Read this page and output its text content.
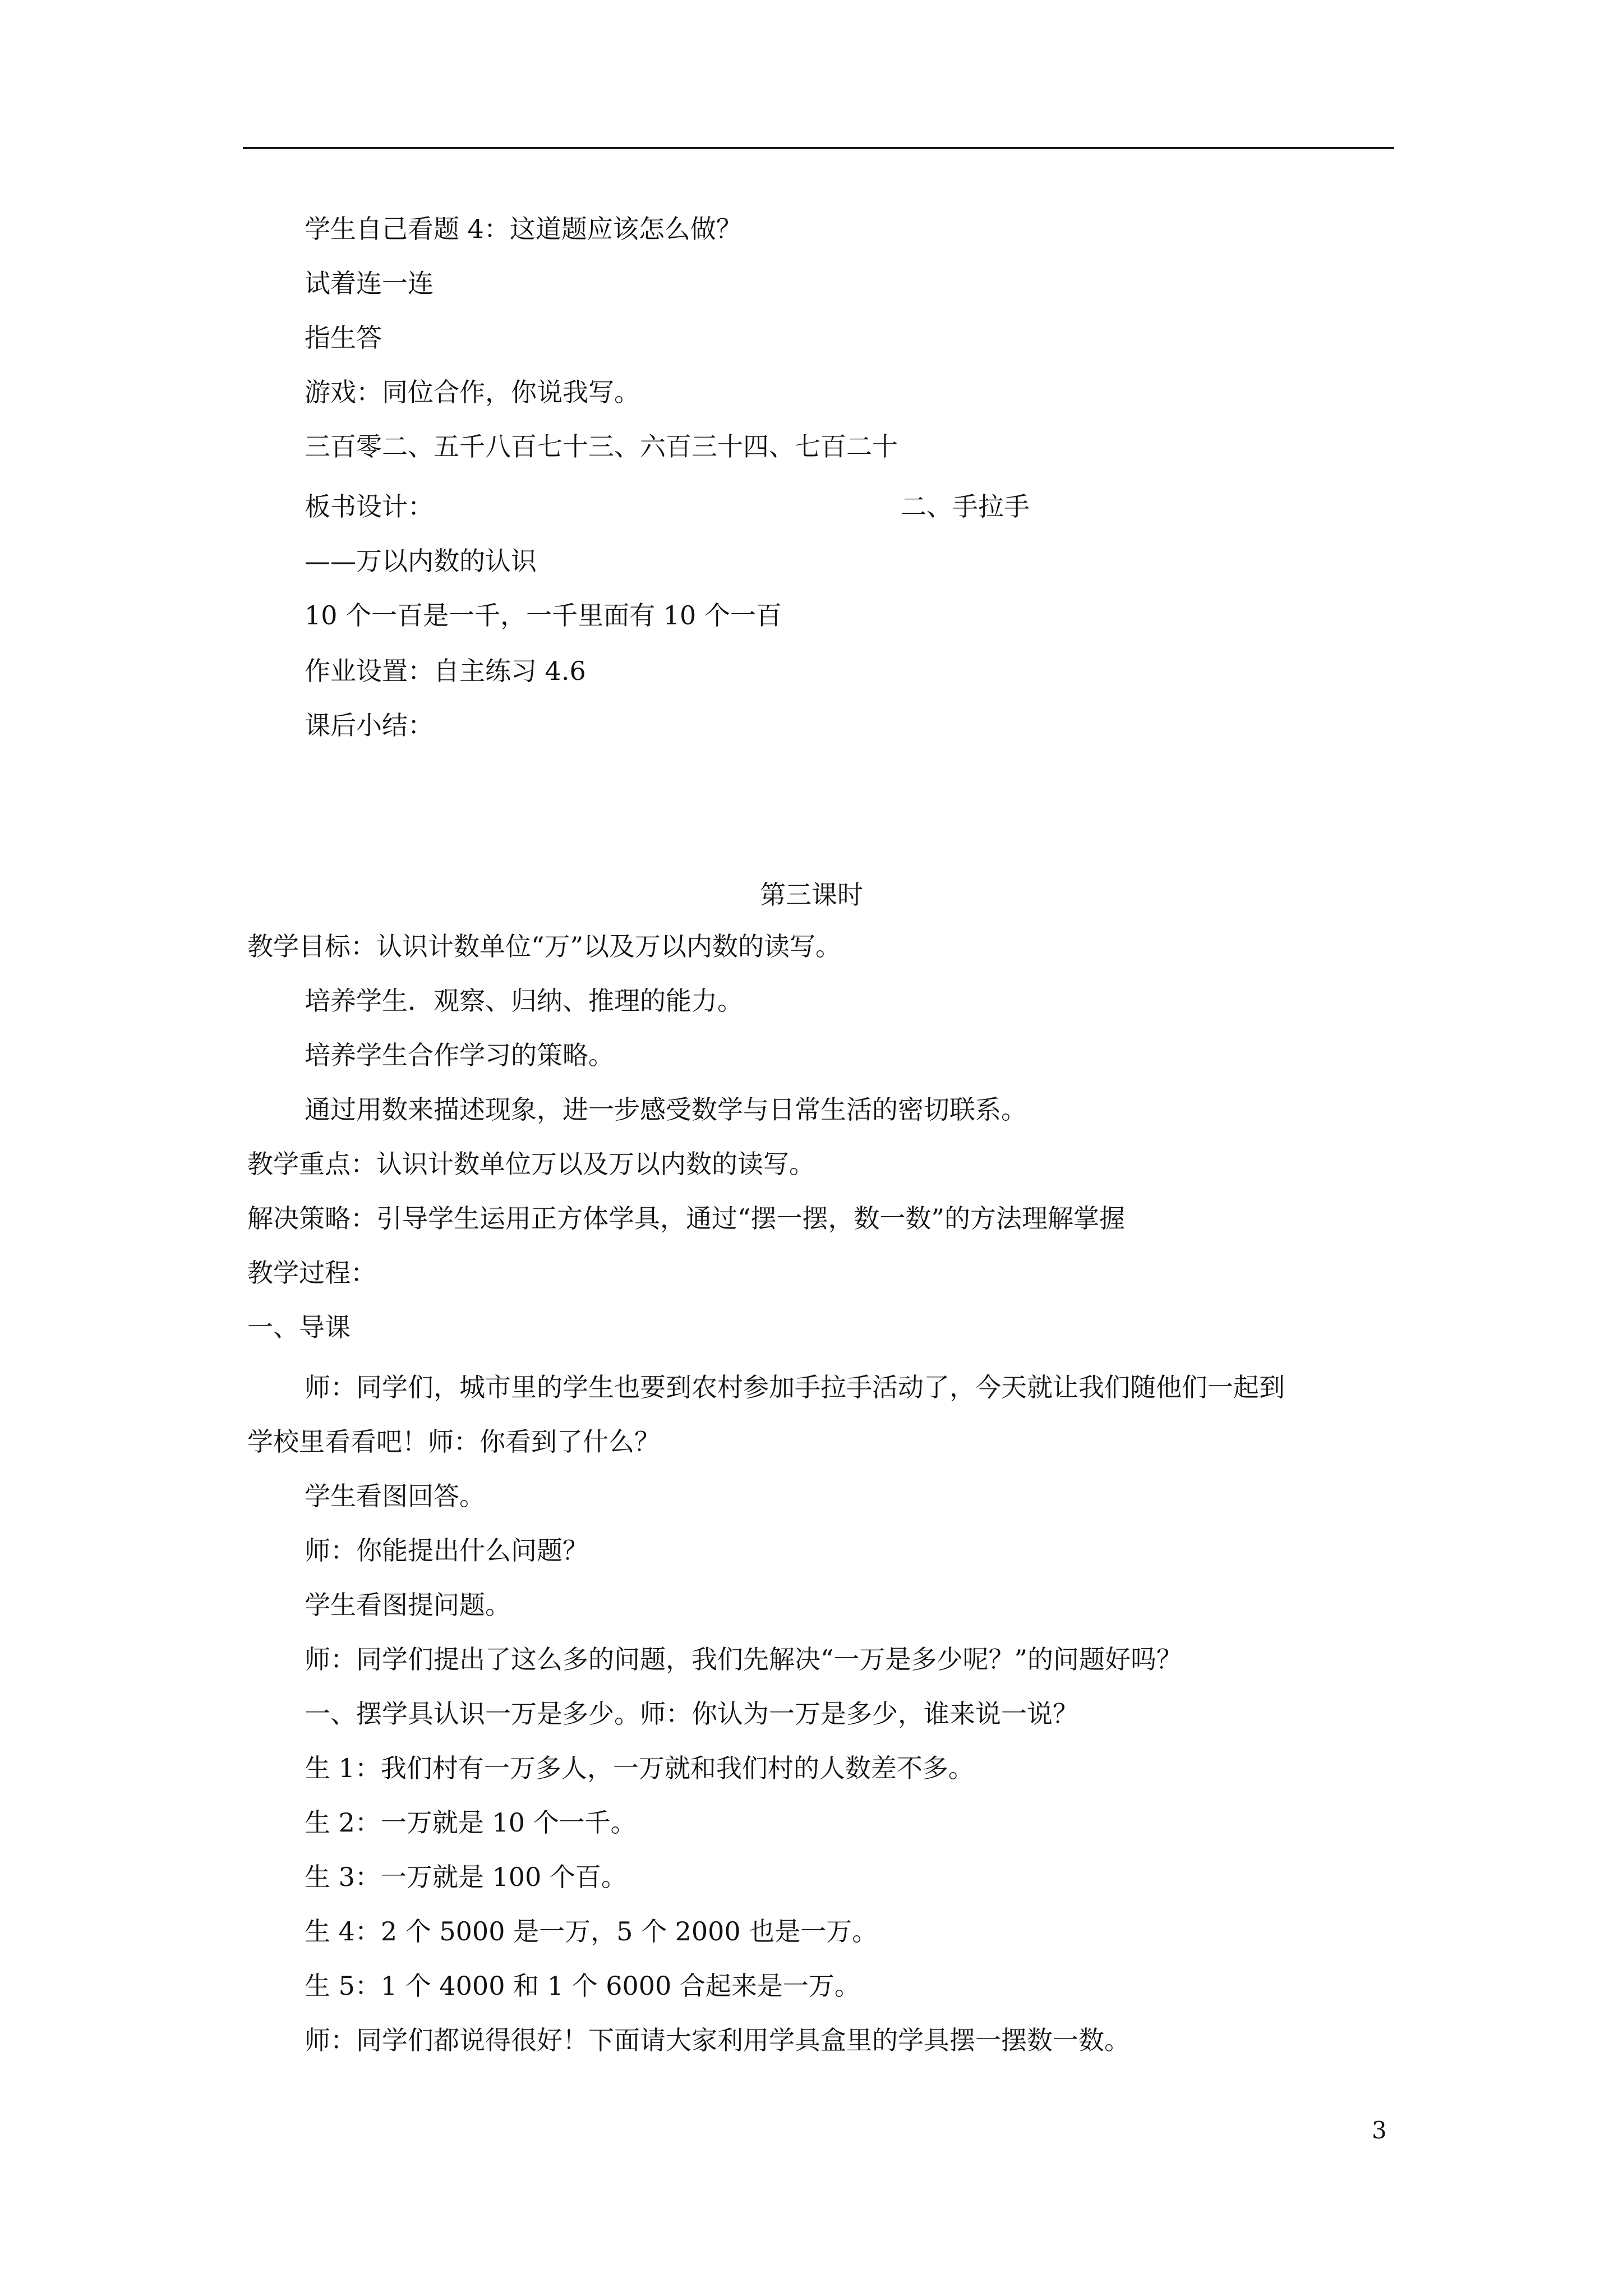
学生自己看题 4：这道题应该怎么做？
试着连一连
指生答
游戏：同位合作，你说我写。
三百零二、五千八百七十三、六百三十四、七百二十
板书设计：	二、手拉手
——万以内数的认识
10 个一百是一千，一千里面有 10 个一百
作业设置：自主练习 4.6
课后小结：
第三课时
教学目标：认识计数单位“万”以及万以内数的读写。
培养学生．观察、归纳、推理的能力。
培养学生合作学习的策略。
通过用数来描述现象，进一步感受数学与日常生活的密切联系。
教学重点：认识计数单位万以及万以内数的读写。
解决策略：引导学生运用正方体学具，通过“摆一摆，数一数”的方法理解掌握
教学过程：
一、导课
师：同学们，城市里的学生也要到农村参加手拉手活动了，今天就让我们随他们一起到
学校里看看吧！师：你看到了什么？
学生看图回答。
师：你能提出什么问题？
学生看图提问题。
师：同学们提出了这么多的问题，我们先解决“一万是多少呢？”的问题好吗？
一、摆学具认识一万是多少。师：你认为一万是多少，谁来说一说？
生 1：我们村有一万多人，一万就和我们村的人数差不多。
生 2：一万就是 10 个一千。
生 3：一万就是 100 个百。
生 4：2 个 5000 是一万，5 个 2000 也是一万。
生 5：1 个 4000 和 1 个 6000 合起来是一万。
师：同学们都说得很好！下面请大家利用学具盒里的学具摆一摆数一数。
3
